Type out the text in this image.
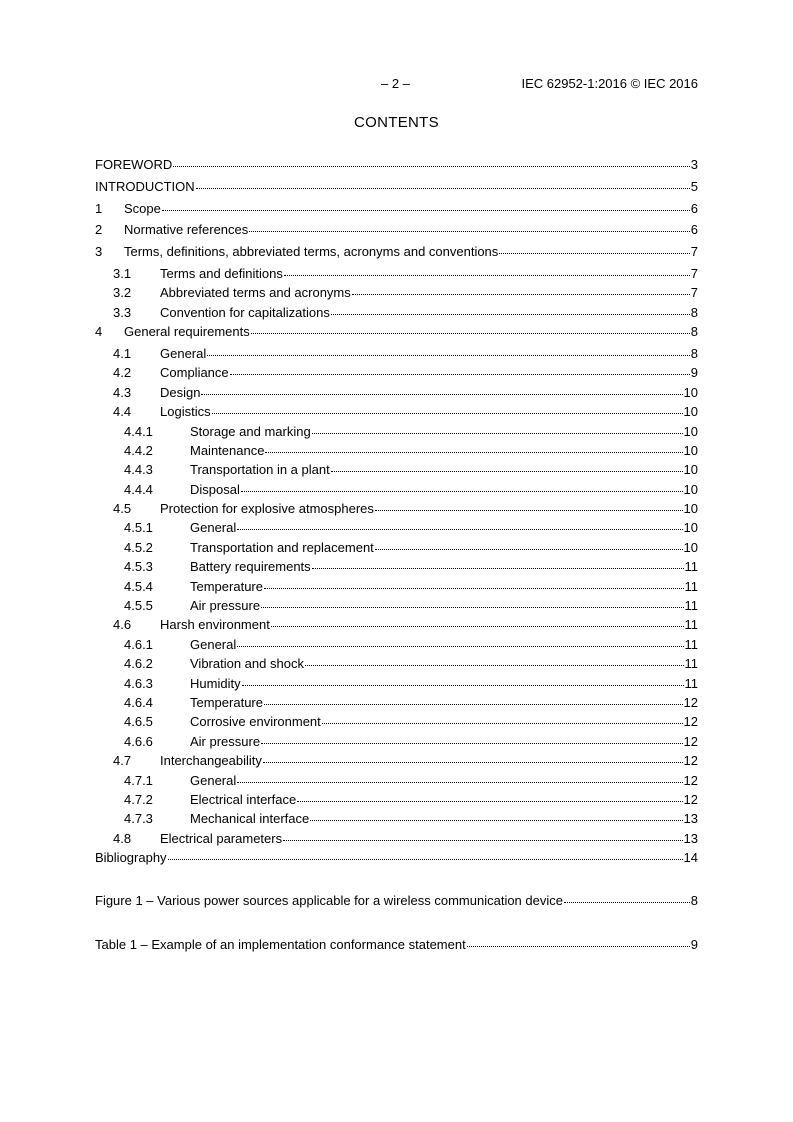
– 2 –	IEC 62952-1:2016 © IEC 2016
CONTENTS
FOREWORD	3
INTRODUCTION	5
1	Scope	6
2	Normative references	6
3	Terms, definitions, abbreviated terms, acronyms and conventions	7
3.1	Terms and definitions	7
3.2	Abbreviated terms and acronyms	7
3.3	Convention for capitalizations	8
4	General requirements	8
4.1	General	8
4.2	Compliance	9
4.3	Design	10
4.4	Logistics	10
4.4.1	Storage and marking	10
4.4.2	Maintenance	10
4.4.3	Transportation in a plant	10
4.4.4	Disposal	10
4.5	Protection for explosive atmospheres	10
4.5.1	General	10
4.5.2	Transportation and replacement	10
4.5.3	Battery requirements	11
4.5.4	Temperature	11
4.5.5	Air pressure	11
4.6	Harsh environment	11
4.6.1	General	11
4.6.2	Vibration and shock	11
4.6.3	Humidity	11
4.6.4	Temperature	12
4.6.5	Corrosive environment	12
4.6.6	Air pressure	12
4.7	Interchangeability	12
4.7.1	General	12
4.7.2	Electrical interface	12
4.7.3	Mechanical interface	13
4.8	Electrical parameters	13
Bibliography	14
Figure 1 – Various power sources applicable for a wireless communication device	8
Table 1 – Example of an implementation conformance statement	9
